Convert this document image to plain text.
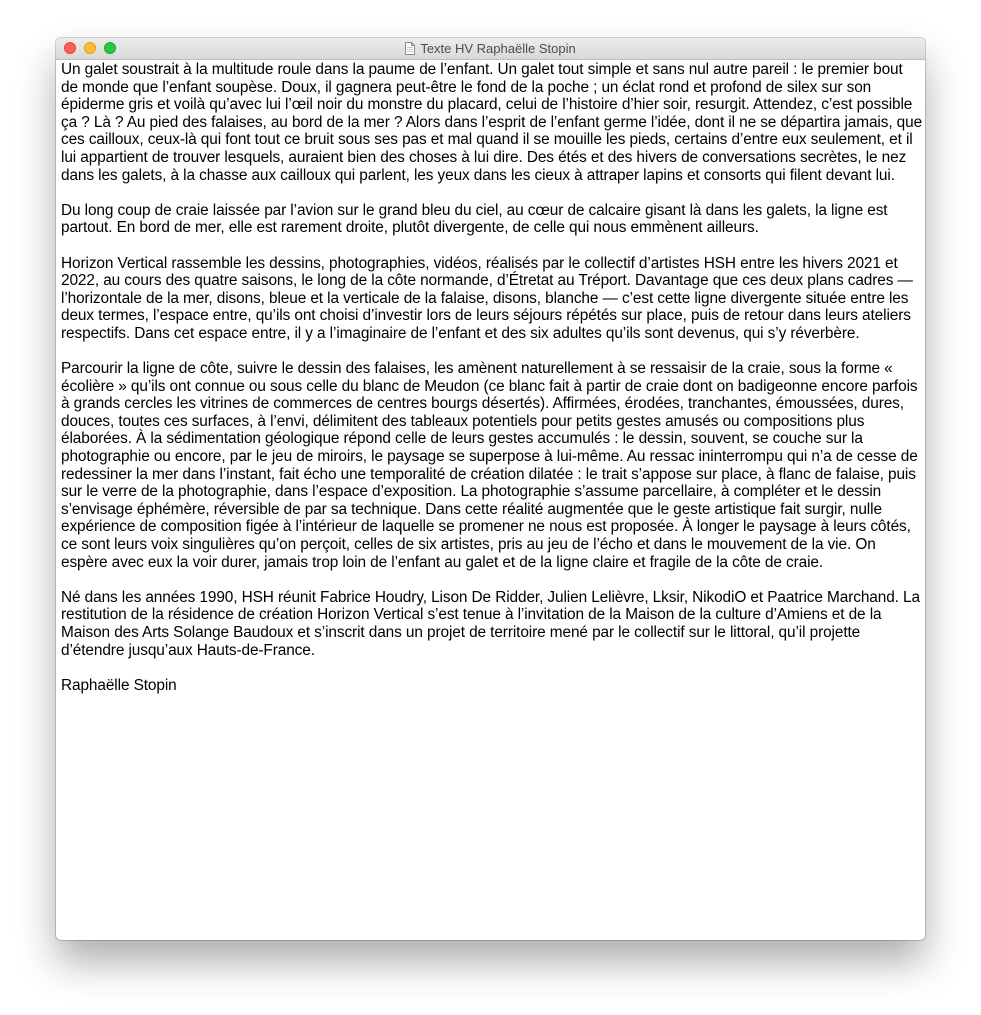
Texte HV Raphaëlle Stopin

Un galet soustrait à la multitude roule dans la paume de l’enfant. Un galet tout simple et sans nul autre pareil : le premier bout de monde que l’enfant soupèse. Doux, il gagnera peut-être le fond de la poche ; un éclat rond et profond de silex sur son épiderme gris et voilà qu’avec lui l’œil noir du monstre du placard, celui de l’histoire d’hier soir, resurgit. Attendez, c’est possible ça ? Là ? Au pied des falaises, au bord de la mer ? Alors dans l’esprit de l’enfant germe l’idée, dont il ne se départira jamais, que ces cailloux, ceux-là qui font tout ce bruit sous ses pas et mal quand il se mouille les pieds, certains d’entre eux seulement, et il lui appartient de trouver lesquels, auraient bien des choses à lui dire. Des étés et des hivers de conversations secrètes, le nez dans les galets, à la chasse aux cailloux qui parlent, les yeux dans les cieux à attraper lapins et consorts qui filent devant lui.

Du long coup de craie laissée par l’avion sur le grand bleu du ciel, au cœur de calcaire gisant là dans les galets, la ligne est partout. En bord de mer, elle est rarement droite, plutôt divergente, de celle qui nous emmènent ailleurs.

Horizon Vertical rassemble les dessins, photographies, vidéos, réalisés par le collectif d’artistes HSH entre les hivers 2021 et 2022, au cours des quatre saisons, le long de la côte normande, d’Étretat au Tréport. Davantage que ces deux plans cadres — l’horizontale de la mer, disons, bleue et la verticale de la falaise, disons, blanche — c’est cette ligne divergente située entre les deux termes, l’espace entre, qu’ils ont choisi d’investir lors de leurs séjours répétés sur place, puis de retour dans leurs ateliers respectifs. Dans cet espace entre, il y a l’imaginaire de l’enfant et des six adultes qu’ils sont devenus, qui s’y réverbère.

Parcourir la ligne de côte, suivre le dessin des falaises, les amènent naturellement à se ressaisir de la craie, sous la forme « écolière » qu’ils ont connue ou sous celle du blanc de Meudon (ce blanc fait à partir de craie dont on badigeonne encore parfois à grands cercles les vitrines de commerces de centres bourgs désertés). Affirmées, érodées, tranchantes, émoussées, dures, douces, toutes ces surfaces, à l’envi, délimitent des tableaux potentiels pour petits gestes amusés ou compositions plus élaborées. À la sédimentation géologique répond celle de leurs gestes accumulés : le dessin, souvent, se couche sur la photographie ou encore, par le jeu de miroirs, le paysage se superpose à lui-même. Au ressac ininterrompu qui n’a de cesse de redessiner la mer dans l’instant, fait écho une temporalité de création dilatée : le trait s’appose sur place, à flanc de falaise, puis sur le verre de la photographie, dans l’espace d’exposition. La photographie s’assume parcellaire, à compléter et le dessin s’envisage éphémère, réversible de par sa technique. Dans cette réalité augmentée que le geste artistique fait surgir, nulle expérience de composition figée à l’intérieur de laquelle se promener ne nous est proposée. À longer le paysage à leurs côtés, ce sont leurs voix singulières qu’on perçoit, celles de six artistes, pris au jeu de l’écho et dans le mouvement de la vie. On espère avec eux la voir durer, jamais trop loin de l’enfant au galet et de la ligne claire et fragile de la côte de craie.

Né dans les années 1990, HSH réunit Fabrice Houdry, Lison De Ridder, Julien Lelièvre, Lksir, NikodiO et Paatrice Marchand. La restitution de la résidence de création Horizon Vertical s’est tenue à l’invitation de la Maison de la culture d’Amiens et de la Maison des Arts Solange Baudoux et s’inscrit dans un projet de territoire mené par le collectif sur le littoral, qu’il projette d’étendre jusqu’aux Hauts-de-France.

Raphaëlle Stopin
